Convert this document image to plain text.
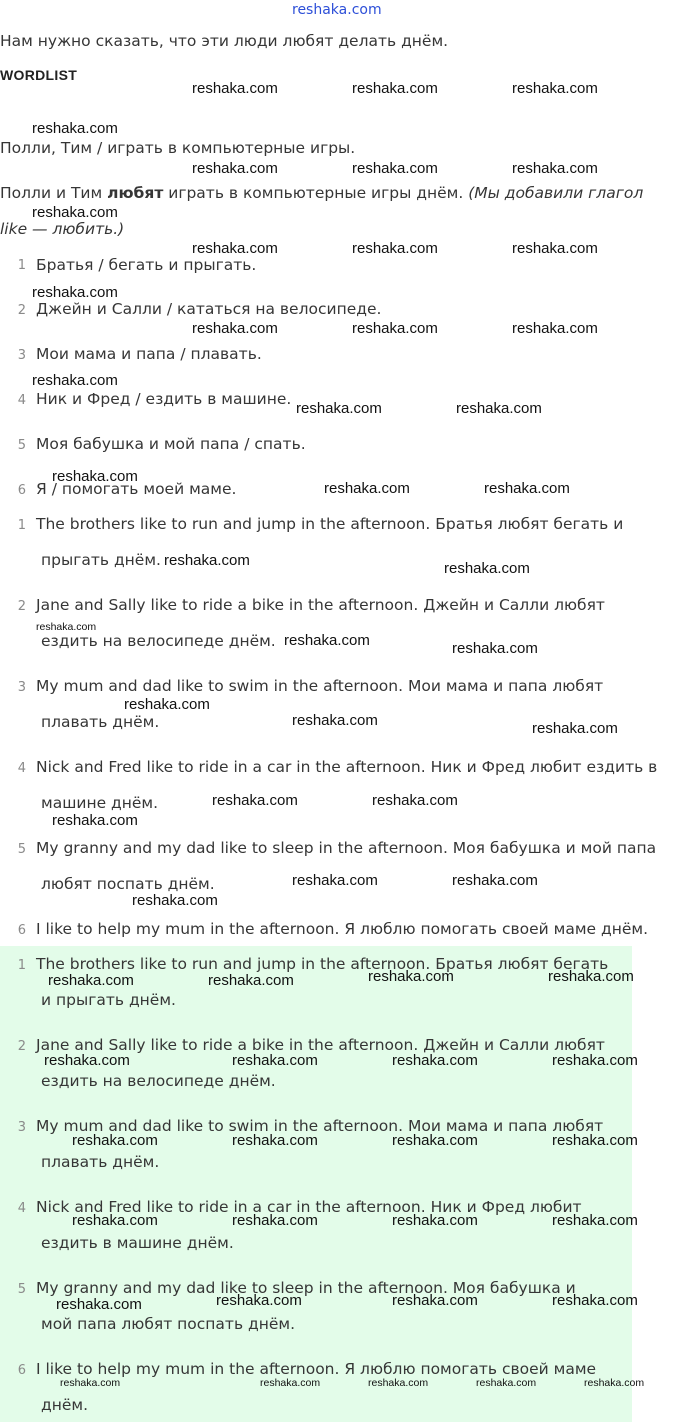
reshaka.com
Нам нужно сказать, что эти люди любят делать днём.
WORDLIST
Полли, Тим / играть в компьютерные игры.
Полли и Тим любят играть в компьютерные игры днём. (Мы добавили глагол
like — любить.)
1 Братья / бегать и прыгать.
2 Джейн и Салли / кататься на велосипеде.
3 Мои мама и папа / плавать.
4 Ник и Фред / ездить в машине.
5 Моя бабушка и мой папа / спать.
6 Я / помогать моей маме.
1 The brothers like to run and jump in the afternoon. Братья любят бегать и
прыгать днём.
2 Jane and Sally like to ride a bike in the afternoon. Джейн и Салли любят
ездить на велосипеде днём.
3 My mum and dad like to swim in the afternoon. Мои мама и папа любят
плавать днём.
4 Nick and Fred like to ride in a car in the afternoon. Ник и Фред любит ездить в
машине днём.
5 My granny and my dad like to sleep in the afternoon. Моя бабушка и мой папа
любят поспать днём.
6 I like to help my mum in the afternoon. Я люблю помогать своей маме днём.
1 The brothers like to run and jump in the afternoon. Братья любят бегать
и прыгать днём.
2 Jane and Sally like to ride a bike in the afternoon. Джейн и Салли любят
ездить на велосипеде днём.
3 My mum and dad like to swim in the afternoon. Мои мама и папа любят
плавать днём.
4 Nick and Fred like to ride in a car in the afternoon. Ник и Фред любит
ездить в машине днём.
5 My granny and my dad like to sleep in the afternoon. Моя бабушка и
мой папа любят поспать днём.
6 I like to help my mum in the afternoon. Я люблю помогать своей маме
днём.
reshaka.com	reshaka.com	reshaka.com
reshaka.com
reshaka.com	reshaka.com	reshaka.com
reshaka.com
reshaka.com	reshaka.com	reshaka.com
reshaka.com
reshaka.com	reshaka.com	reshaka.com
reshaka.com
reshaka.com	reshaka.com
reshaka.com
reshaka.com	reshaka.com
reshaka.com	reshaka.com
reshaka.com
reshaka.com	reshaka.com
reshaka.com
reshaka.com	reshaka.com
reshaka.com	reshaka.com
reshaka.com
reshaka.com	reshaka.com
reshaka.com
reshaka.com	reshaka.com	reshaka.com	reshaka.com
reshaka.com	reshaka.com	reshaka.com	reshaka.com
reshaka.com	reshaka.com	reshaka.com	reshaka.com
reshaka.com	reshaka.com	reshaka.com	reshaka.com
reshaka.com	reshaka.com	reshaka.com	reshaka.com
reshaka.com	reshaka.com	reshaka.com	reshaka.com	reshaka.com
